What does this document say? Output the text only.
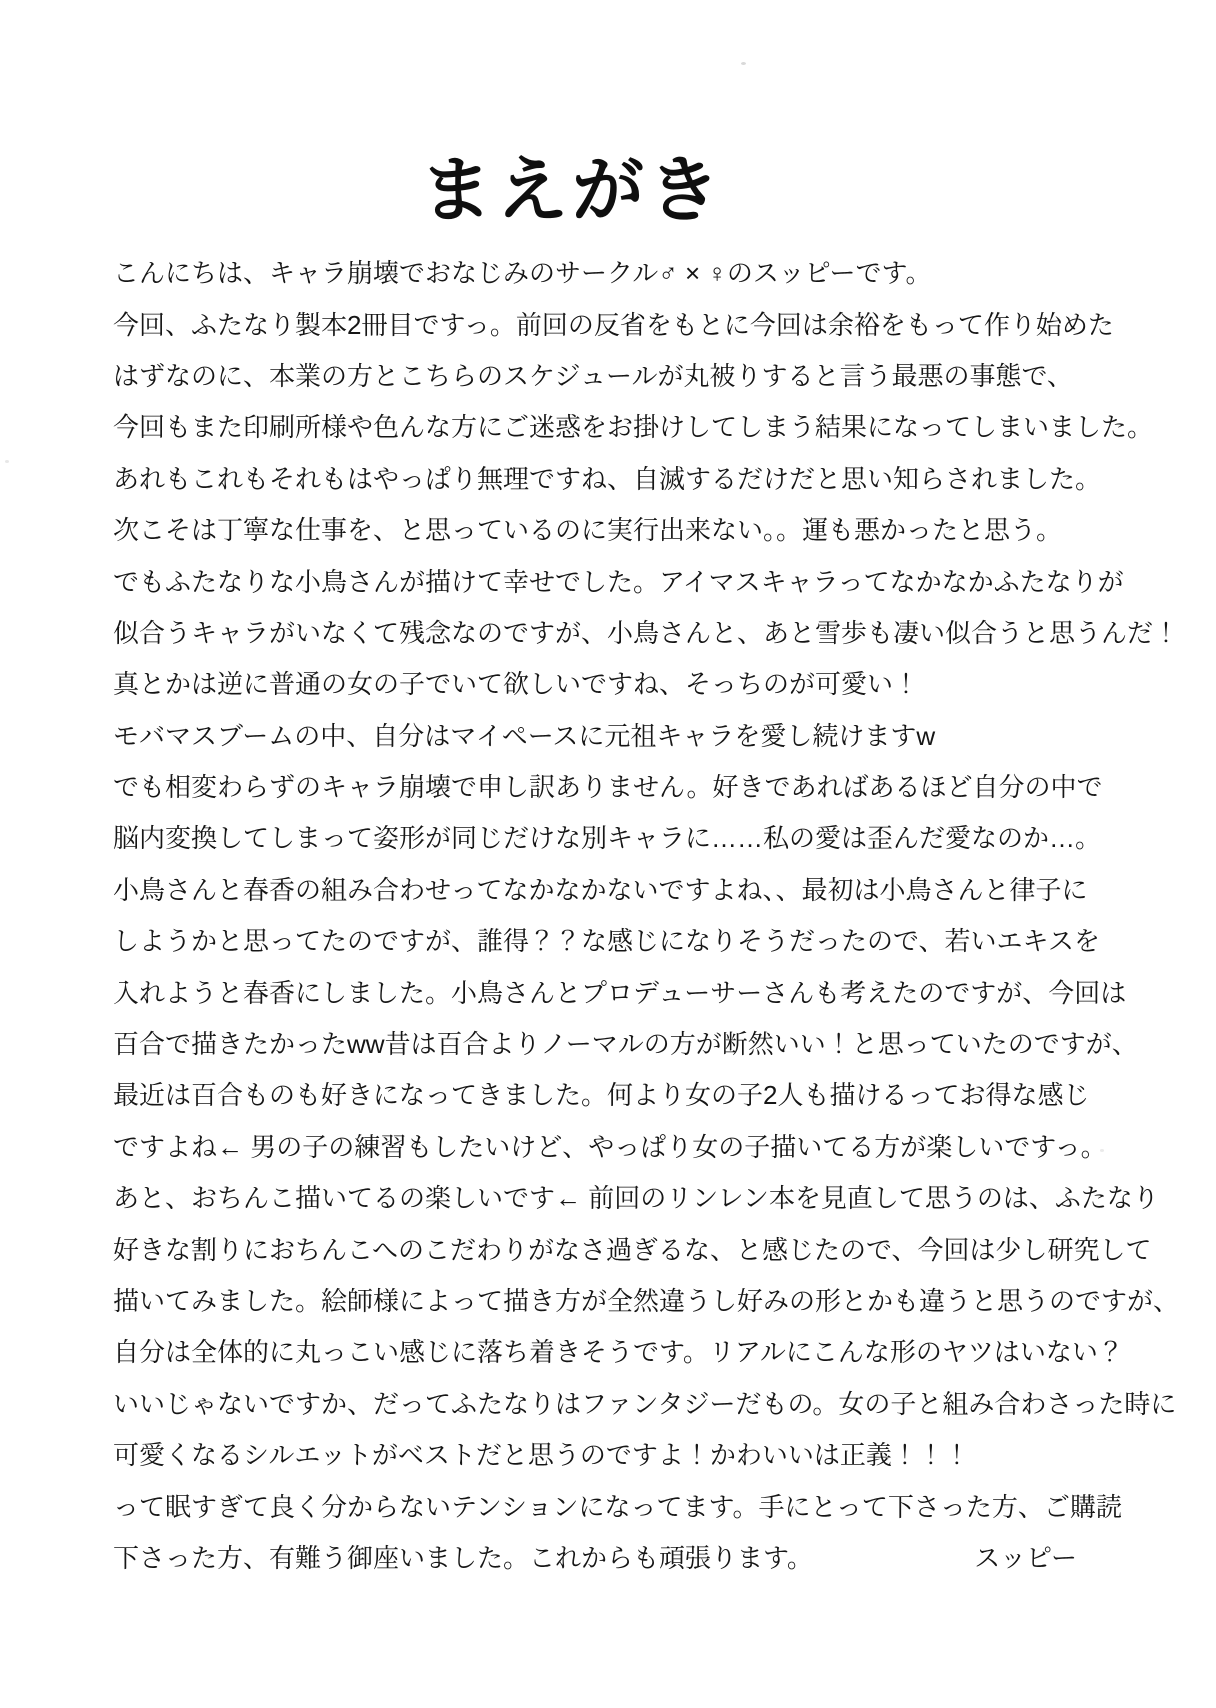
まえがき
こんにちは、キャラ崩壊でおなじみのサークル♂ × ♀のスッピーです。
今回、ふたなり製本2冊目ですっ。前回の反省をもとに今回は余裕をもって作り始めた
はずなのに、本業の方とこちらのスケジュールが丸被りすると言う最悪の事態で、
今回もまた印刷所様や色んな方にご迷惑をお掛けしてしまう結果になってしまいました。
あれもこれもそれもはやっぱり無理ですね、自滅するだけだと思い知らされました。
次こそは丁寧な仕事を、と思っているのに実行出来ない。。運も悪かったと思う。
でもふたなりな小鳥さんが描けて幸せでした。アイマスキャラってなかなかふたなりが
似合うキャラがいなくて残念なのですが、小鳥さんと、あと雪歩も凄い似合うと思うんだ！
真とかは逆に普通の女の子でいて欲しいですね、そっちのが可愛い！
モバマスブームの中、自分はマイペースに元祖キャラを愛し続けますw
でも相変わらずのキャラ崩壊で申し訳ありません。好きであればあるほど自分の中で
脳内変換してしまって姿形が同じだけな別キャラに……私の愛は歪んだ愛なのか…。
小鳥さんと春香の組み合わせってなかなかないですよね、、最初は小鳥さんと律子に
しようかと思ってたのですが、誰得？？な感じになりそうだったので、若いエキスを
入れようと春香にしました。小鳥さんとプロデューサーさんも考えたのですが、今回は
百合で描きたかったww昔は百合よりノーマルの方が断然いい！と思っていたのですが、
最近は百合ものも好きになってきました。何より女の子2人も描けるってお得な感じ
ですよね← 男の子の練習もしたいけど、やっぱり女の子描いてる方が楽しいですっ。
あと、おちんこ描いてるの楽しいです← 前回のリンレン本を見直して思うのは、ふたなり
好きな割りにおちんこへのこだわりがなさ過ぎるな、と感じたので、今回は少し研究して
描いてみました。絵師様によって描き方が全然違うし好みの形とかも違うと思うのですが、
自分は全体的に丸っこい感じに落ち着きそうです。リアルにこんな形のヤツはいない？
いいじゃないですか、だってふたなりはファンタジーだもの。女の子と組み合わさった時に
可愛くなるシルエットがベストだと思うのですよ！かわいいは正義！！！
って眠すぎて良く分からないテンションになってます。手にとって下さった方、ご購読
下さった方、有難う御座いました。これからも頑張ります。	スッピー
